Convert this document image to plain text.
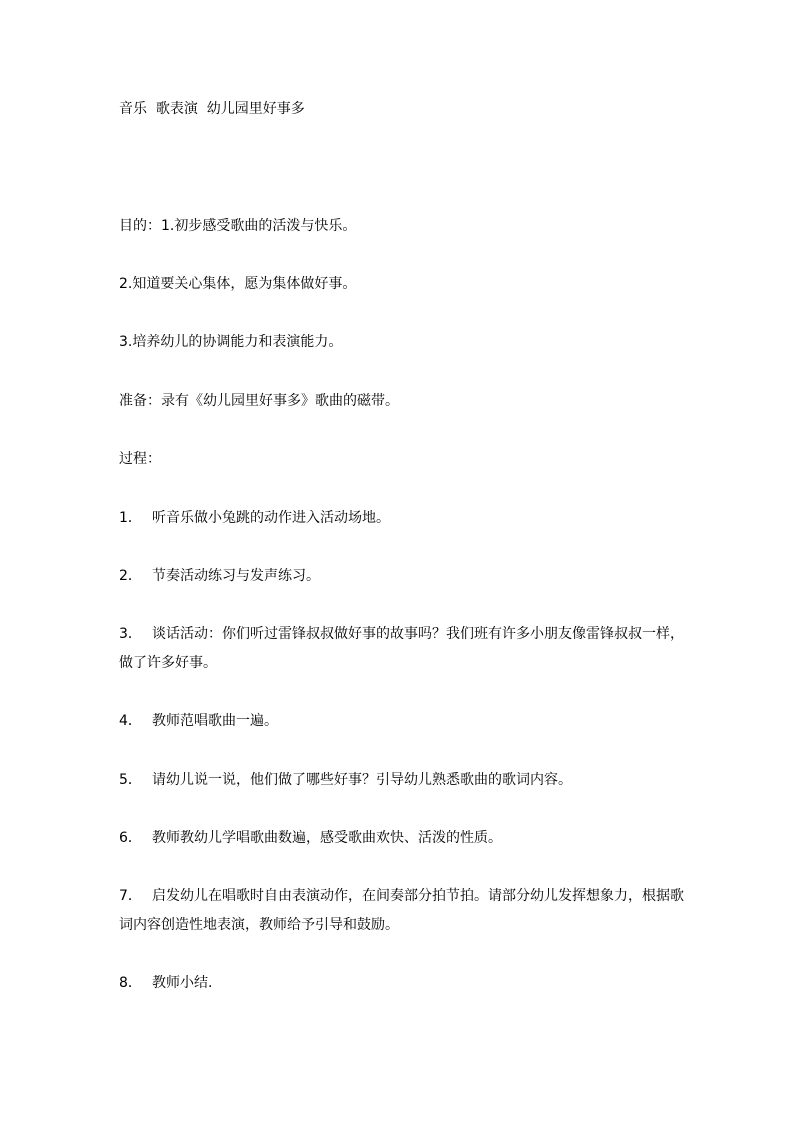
音乐  歌表演  幼儿园里好事多

目的：1.初步感受歌曲的活泼与快乐。

2.知道要关心集体，愿为集体做好事。

3.培养幼儿的协调能力和表演能力。

准备：录有《幼儿园里好事多》歌曲的磁带。

过程：

1． 听音乐做小兔跳的动作进入活动场地。

2． 节奏活动练习与发声练习。

3． 谈话活动：你们听过雷锋叔叔做好事的故事吗？我们班有许多小朋友像雷锋叔叔一样，做了许多好事。

4． 教师范唱歌曲一遍。

5． 请幼儿说一说，他们做了哪些好事？引导幼儿熟悉歌曲的歌词内容。

6． 教师教幼儿学唱歌曲数遍，感受歌曲欢快、活泼的性质。

7． 启发幼儿在唱歌时自由表演动作，在间奏部分拍节拍。请部分幼儿发挥想象力，根据歌词内容创造性地表演，教师给予引导和鼓励。

8． 教师小结.
